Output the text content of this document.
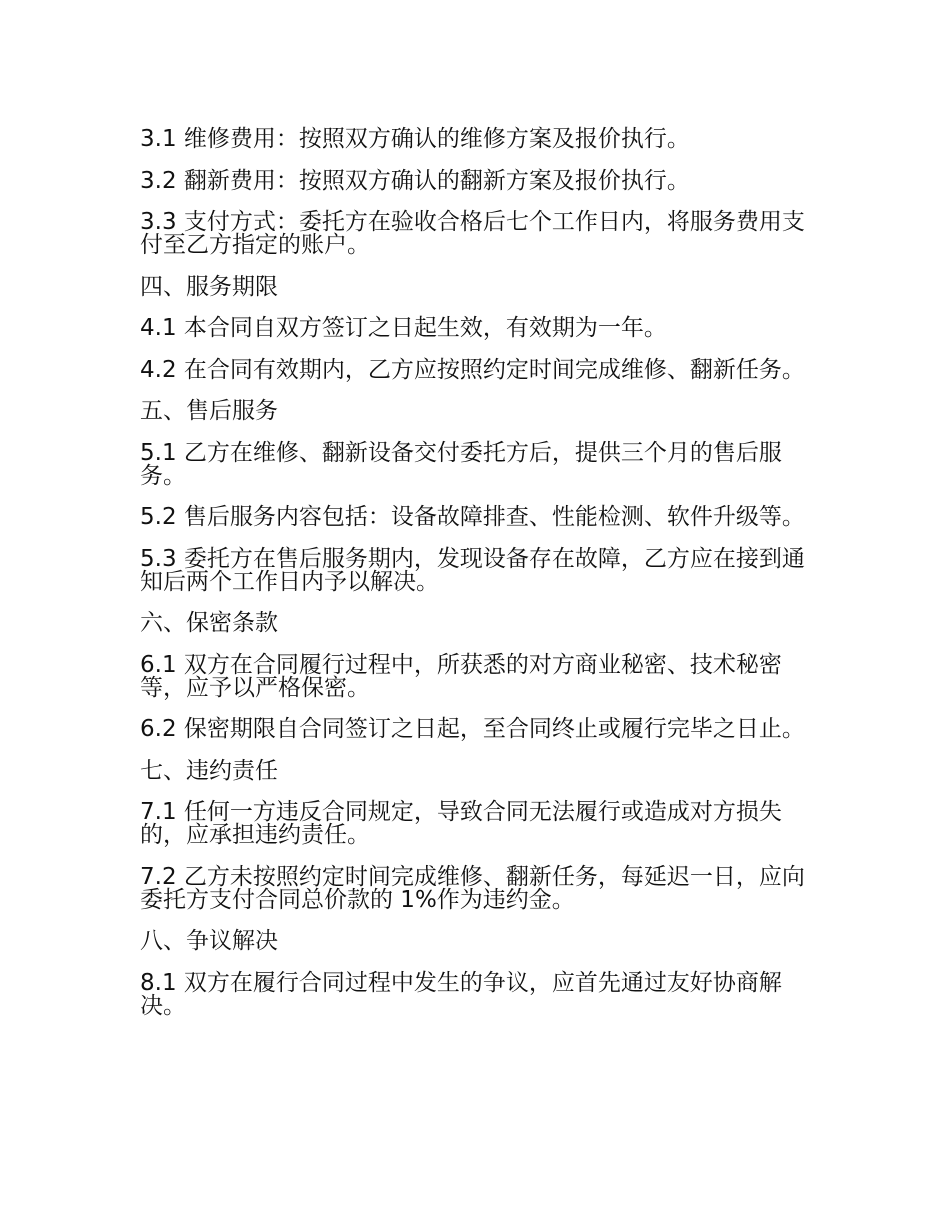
3.1 维修费用：按照双方确认的维修方案及报价执行。

3.2 翻新费用：按照双方确认的翻新方案及报价执行。

3.3 支付方式：委托方在验收合格后七个工作日内，将服务费用支付至乙方指定的账户。

四、服务期限

4.1 本合同自双方签订之日起生效，有效期为一年。

4.2 在合同有效期内，乙方应按照约定时间完成维修、翻新任务。

五、售后服务

5.1 乙方在维修、翻新设备交付委托方后，提供三个月的售后服务。

5.2 售后服务内容包括：设备故障排查、性能检测、软件升级等。

5.3 委托方在售后服务期内，发现设备存在故障，乙方应在接到通知后两个工作日内予以解决。

六、保密条款

6.1 双方在合同履行过程中，所获悉的对方商业秘密、技术秘密等，应予以严格保密。

6.2 保密期限自合同签订之日起，至合同终止或履行完毕之日止。

七、违约责任

7.1 任何一方违反合同规定，导致合同无法履行或造成对方损失的，应承担违约责任。

7.2 乙方未按照约定时间完成维修、翻新任务，每延迟一日，应向委托方支付合同总价款的 1%作为违约金。

八、争议解决

8.1 双方在履行合同过程中发生的争议，应首先通过友好协商解决。
